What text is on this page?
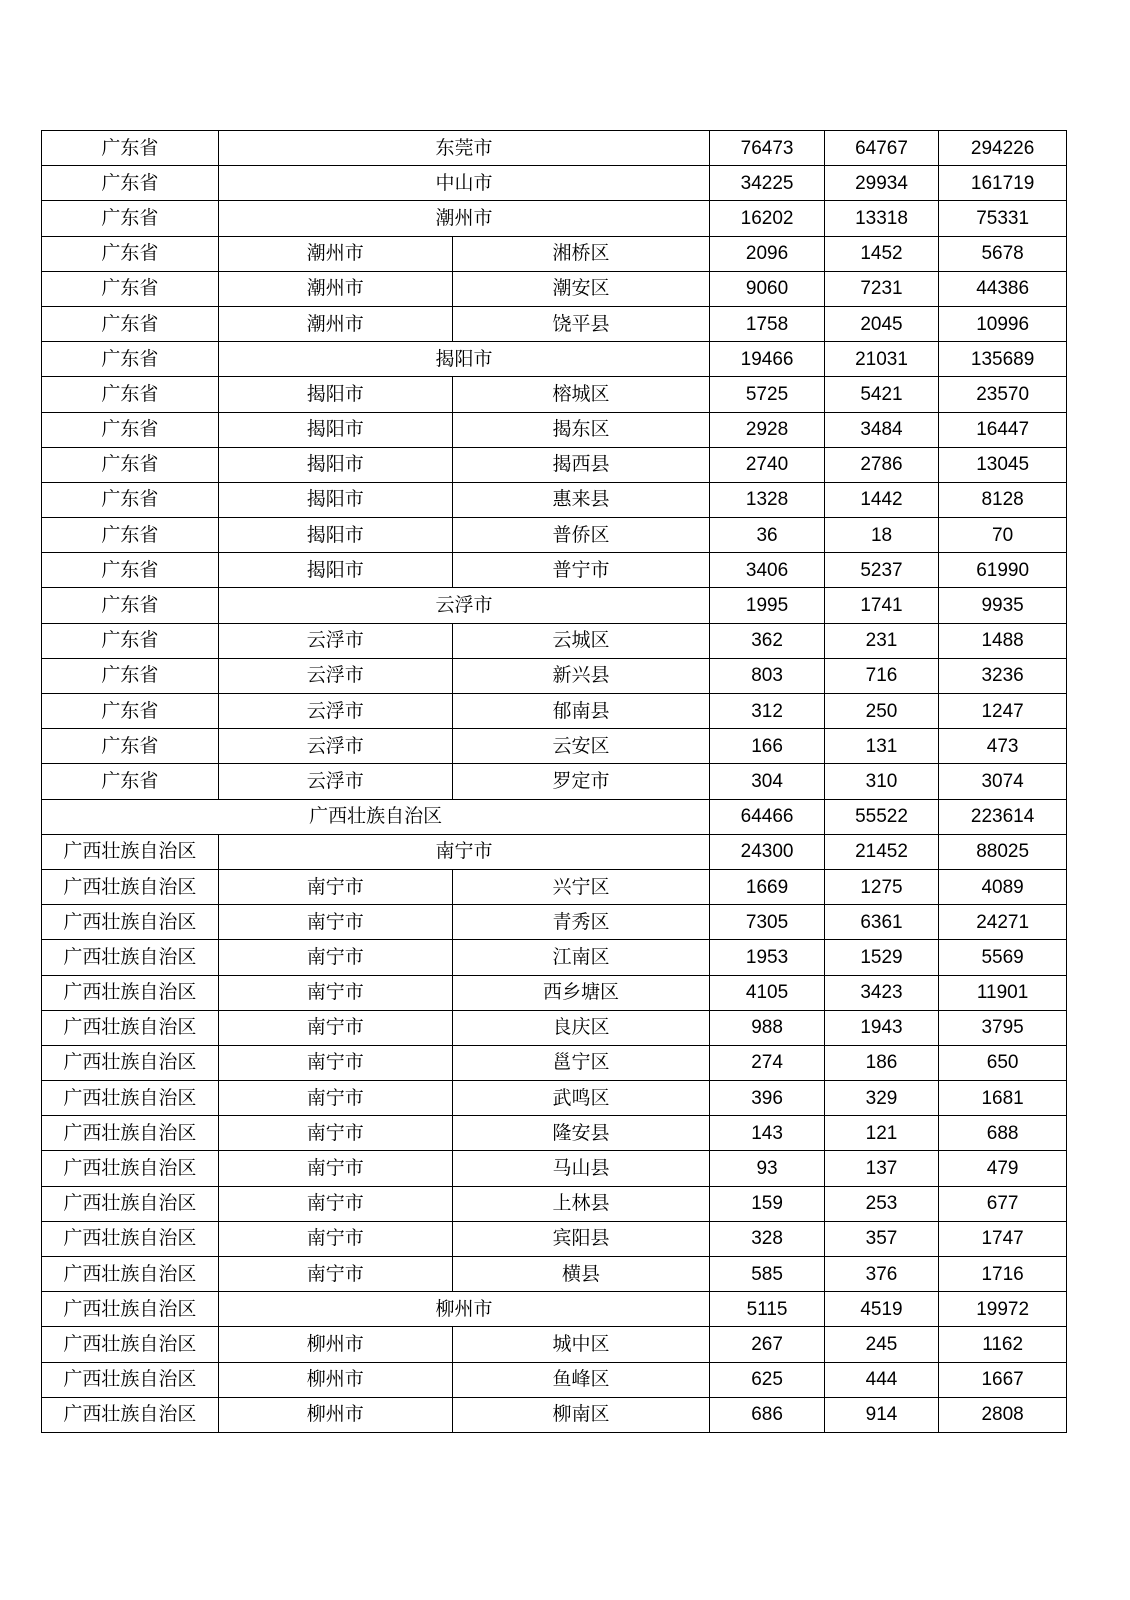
广东省	东莞市		76473	64767	294226
广东省	中山市		34225	29934	161719
广东省	潮州市		16202	13318	75331
广东省	潮州市	湘桥区	2096	1452	5678
广东省	潮州市	潮安区	9060	7231	44386
广东省	潮州市	饶平县	1758	2045	10996
广东省	揭阳市		19466	21031	135689
广东省	揭阳市	榕城区	5725	5421	23570
广东省	揭阳市	揭东区	2928	3484	16447
广东省	揭阳市	揭西县	2740	2786	13045
广东省	揭阳市	惠来县	1328	1442	8128
广东省	揭阳市	普侨区	36	18	70
广东省	揭阳市	普宁市	3406	5237	61990
广东省	云浮市		1995	1741	9935
广东省	云浮市	云城区	362	231	1488
广东省	云浮市	新兴县	803	716	3236
广东省	云浮市	郁南县	312	250	1247
广东省	云浮市	云安区	166	131	473
广东省	云浮市	罗定市	304	310	3074
广西壮族自治区			64466	55522	223614
广西壮族自治区	南宁市		24300	21452	88025
广西壮族自治区	南宁市	兴宁区	1669	1275	4089
广西壮族自治区	南宁市	青秀区	7305	6361	24271
广西壮族自治区	南宁市	江南区	1953	1529	5569
广西壮族自治区	南宁市	西乡塘区	4105	3423	11901
广西壮族自治区	南宁市	良庆区	988	1943	3795
广西壮族自治区	南宁市	邕宁区	274	186	650
广西壮族自治区	南宁市	武鸣区	396	329	1681
广西壮族自治区	南宁市	隆安县	143	121	688
广西壮族自治区	南宁市	马山县	93	137	479
广西壮族自治区	南宁市	上林县	159	253	677
广西壮族自治区	南宁市	宾阳县	328	357	1747
广西壮族自治区	南宁市	横县	585	376	1716
广西壮族自治区	柳州市		5115	4519	19972
广西壮族自治区	柳州市	城中区	267	245	1162
广西壮族自治区	柳州市	鱼峰区	625	444	1667
广西壮族自治区	柳州市	柳南区	686	914	2808
